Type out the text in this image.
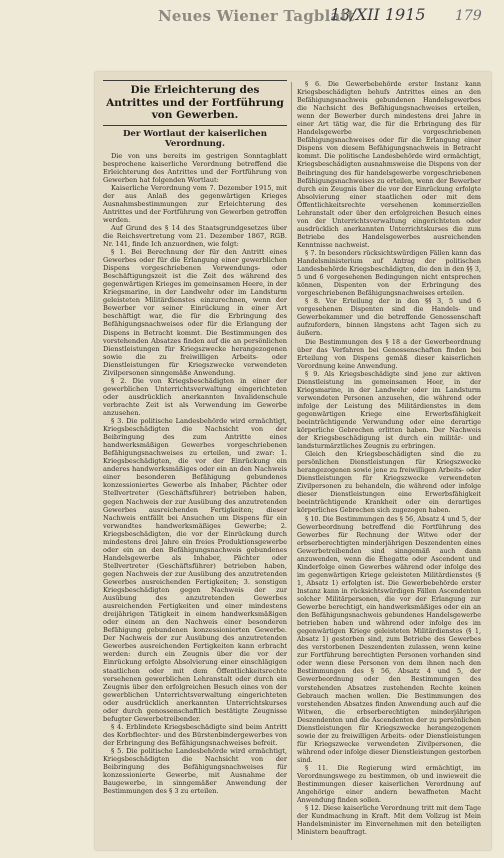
Neues Wiener Tagblatt
13/XII 1915 179
Die Erleichterung des Antrittes und der Fortführung von Gewerben.
Der Wortlaut der kaiserlichen Verordnung.

Die von uns bereits im gestrigen Sonntagblatt besprochene kaiserliche Verordnung betreffend die Erleichterung des Antrittes und der Fortführung von Gewerben hat folgenden Wortlaut:

Kaiserliche Verordnung vom 7. Dezember 1915, mit der aus Anlaß des gegenwärtigen Krieges Ausnahmsbestimmungen zur Erleichterung des Antrittes und der Fortführung von Gewerben getroffen werden.

Auf Grund des § 14 des Staatsgrundgesetzes über die Reichsvertretung vom 21. Dezember 1867, RGB. Nr. 141, finde Ich anzuordnen, wie folgt:

§ 1. Bei Berechnung der für den Antritt eines Gewerbes oder für die Erlangung einer gewerblichen Dispens vorgeschriebenen Verwendungs- oder Beschäftigungszeit ist die Zeit des während des gegenwärtigen Krieges im gemeinsamen Heere, in der Kriegsmarine, in der Landwehr oder im Landsturm geleisteten Militärdienstes einzurechnen, wenn der Bewerber vor seiner Einrückung in einer Art beschäftigt war, die für die Erbringung des Befähigungsnachweises oder für die Erlangung der Dispens in Betracht kommt. Die Bestimmungen des vorstehenden Absatzes finden auf die an persönlichen Dienstleistungen für Kriegszwecke herangezogenen sowie die zu freiwilligen Arbeits- oder Dienstleistungen für Kriegszwecke verwendeten Zivilpersonen sinngemäße Anwendung.

§ 2. Die von Kriegsbeschädigten in einer der gewerblichen Unterrichtsverwaltung eingerichteten oder ausdrücklich anerkannten Invalidenschule verbrachte Zeit ist als Verwendung im Gewerbe anzusehen.

§ 3. Die politische Landesbehörde wird ermächtigt, Kriegsbeschädigten die Nachsicht von der Beibringung des zum Antritte eines handwerksmäßigen Gewerbes vorgeschriebenen Befähigungsnachweises zu erteilen, und zwar: 1. Kriegsbeschädigten, die vor der Einrückung ein anderes handwerksmäßiges oder ein an den Nachweis einer besonderen Befähigung gebundenes konzessioniertes Gewerbe als Inhaber, Pächter oder Stellvertreter (Geschäftsführer) betrieben haben, gegen Nachweis der zur Ausübung des anzutretenden Gewerbes ausreichenden Fertigkeiten; dieser Nachweis entfällt bei Ansuchen um Dispens für ein verwandtes handwerksmäßiges Gewerbe; 2. Kriegsbeschädigten, die vor der Einrückung durch mindestens drei Jahre ein freies Produktionsgewerbe oder ein an den Befähigungsnachweis gebundenes Handelsgewerbe als Inhaber, Pächter oder Stellvertreter (Geschäftsführer) betrieben haben, gegen Nachweis der zur Ausübung des anzutretenden Gewerbes ausreichenden Fertigkeiten; 3. sonstigen Kriegsbeschädigten gegen Nachweis der zur Ausübung des anzutretenden Gewerbes ausreichenden Fertigkeiten und einer mindestens dreijährigen Tätigkeit in einem handwerksmäßigen oder einem an den Nachweis einer besonderen Befähigung gebundenen konzessionierten Gewerbe. Der Nachweis der zur Ausübung des anzutretenden Gewerbes ausreichenden Fertigkeiten kann erbracht werden: durch ein Zeugnis über die vor der Einrückung erfolgte Absolvierung einer einschlägigen staatlichen oder mit dem Öffentlichkeitsrechte versehenen gewerblichen Lehranstalt oder durch ein Zeugnis über den erfolgreichen Besuch eines von der gewerblichen Unterrichtsverwaltung eingerichteten oder ausdrücklich anerkannten Unterrichtskurses oder durch genossenschaftlich bestätigte Zeugnisse befugter Gewerbetreibender.

§ 4. Erblindete Kriegsbeschädigte sind beim Antritt des Korbflechter- und des Bürstenbindergewerbes von der Erbringung des Befähigungsnachweises befreit.

§ 5. Die politische Landesbehörde wird ermächtigt, Kriegsbeschädigten die Nachsicht von der Beibringung des Befähigungsnachweises für konzessionierte Gewerbe, mit Ausnahme der Baugewerbe, in sinngemäßer Anwendung der Bestimmungen des § 3 zu erteilen.

§ 6. Die Gewerbebehörde erster Instanz kann Kriegsbeschädigten behufs Antrittes eines an den Befähigungsnachweis gebundenen Handelsgewerbes die Nachsicht des Befähigungsnachweises erteilen, wenn der Bewerber durch mindestens drei Jahre in einer Art tätig war, die für die Erbringung des für Handelsgewerbe vorgeschriebenen Befähigungsnachweises oder für die Erlangung einer Dispens von diesem Befähigungsnachweis in Betracht kommt. Die politische Landesbehörde wird ermächtigt, Kriegsbeschädigten ausnahmsweise die Dispens von der Beibringung des für handelsgewerbe vorgeschriebenen Befähigungsnachweises zu erteilen, wenn der Bewerber durch ein Zeugnis über die vor der Einrückung erfolgte Absolvierung einer staatlichen oder mit dem Öffentlichkeitsrechte versehenen kommerziellen Lehranstalt oder über den erfolgreichen Besuch eines von der Unterrichtsverwaltung eingerichteten oder ausdrücklich anerkannten Unterrichtskurses die zum Betriebe des Handelsgewerbes ausreichenden Kenntnisse nachweist.

§ 7. In besonders rücksichtswürdigen Fällen kann das Handelsministerium auf Antrag der politischen Landesbehörde Kriegsbeschädigten, die den in den §§ 3, 5 und 6 vorgesehenen Bedingungen nicht entsprechen können, Dispenten von der Erbringung des vorgeschriebenen Befähigungsnachweises erteilen.

§ 8. Vor Erteilung der in den §§ 3, 5 und 6 vorgesehenen Dispenten sind die Handels- und Gewerbekammer und die betreffende Genossenschaft aufzufordern, binnen längstens acht Tagen sich zu äußern.

Die Bestimmungen des § 18 a der Gewerbeordnung über das Verfahren bei Genossenschaften finden bei Erteilung von Dispens gemäß dieser kaiserlichen Verordnung keine Anwendung.

§ 9. Als Kriegsbeschädigte sind jene zur aktiven Dienstleistung im gemeinsamen Heer, in der Kriegsmarine, in der Landwehr oder im Landsturm verwendeten Personen anzusehen, die während oder infolge der Leistung des Militärdienstes in dem gegenwärtigen Kriege eine Erwerbsfähigkeit beeinträchtigende Verwundung oder eine derartige körperliche Gebrechen erlitten haben. Der Nachweis der Kriegsbeschädigung ist durch ein militär- und landsturmärztliches Zeugnis zu erbringen.

Gleich den Kriegsbeschädigten sind die zu persönlichen Dienstleistungen für Kriegszwecke herangezogenen sowie jene zu freiwilligen Arbeits- oder Dienstleistungen für Kriegszwecke verwendeten Zivilpersonen zu behandeln, die während oder infolge dieser Dienstleistungen eine Erwerbsfähigkeit beeinträchtigende Krankheit oder ein derartiges körperliches Gebrechen sich zugezogen haben.

§ 10. Die Bestimmungen des § 56, Absatz 4 und 5, der Gewerbeordnung betreffend die Fortführung des Gewerbes für Rechnung der Witwe oder der erbserberechtigten minderjährigen Deszendenten eines Gewerbetreibenden sind sinngemäß auch dann anzuwenden, wenn die Ehegatte oder Ascendent und Kinderfolge einen Gewerbes während oder infolge des im gegenwärtigen Kriege geleisteten Militärdienstes (§ 1, Absatz 1) erfolgten ist. Die Gewerbebehörde erster Instanz kann in rücksichtswürdigen Fällen Ascendenten solcher Militärpersonen, die vor der Erlangung zur Gewerbe berechtigt, ein handwerksmäßiges oder ein an den Befähigungsnachweis gebundenes Handelsgewerbe betrieben haben und während oder infolge des im gegenwärtigen Kriege geleisteten Militärdienstes (§ 1, Absatz 1) gestorben sind, zum Betriebe des Gewerbes des verstorbenen Deszendenten zulassen, wenn keine zur Fortführung berechtigten Personen vorhanden sind oder wenn diese Personen von dem ihnen nach den Bestimmungen des § 56, Absatz 4 und 5, der Gewerbeordnung oder den Bestimmungen des vorstehenden Absatzes zustehenden Rechte keinen Gebrauch machen wollen. Die Bestimmungen des vorstehenden Absatzes finden Anwendung auch auf die Witwen, die erbserberechtigten minderjährigen Deszendenten und die Ascendenten der zu persönlichen Dienstleistungen für Kriegszwecke herangezogenen sowie der zu freiwilligen Arbeits- oder Dienstleistungen für Kriegszwecke verwendeten Zivilpersonen, die während oder infolge dieser Dienstleistungen gestorben sind.

§ 11. Die Regierung wird ermächtigt, im Verordnungswege zu bestimmen, ob und inwieweit die Bestimmungen dieser kaiserlichen Verordnung auf Angehörige einer andern bewaffneten Macht Anwendung finden sollen.

§ 12. Diese kaiserliche Verordnung tritt mit dem Tage der Kundmachung in Kraft. Mit dem Vollzug ist Mein Handelsminister im Einvernehmen mit den beteiligten Ministern beauftragt.
